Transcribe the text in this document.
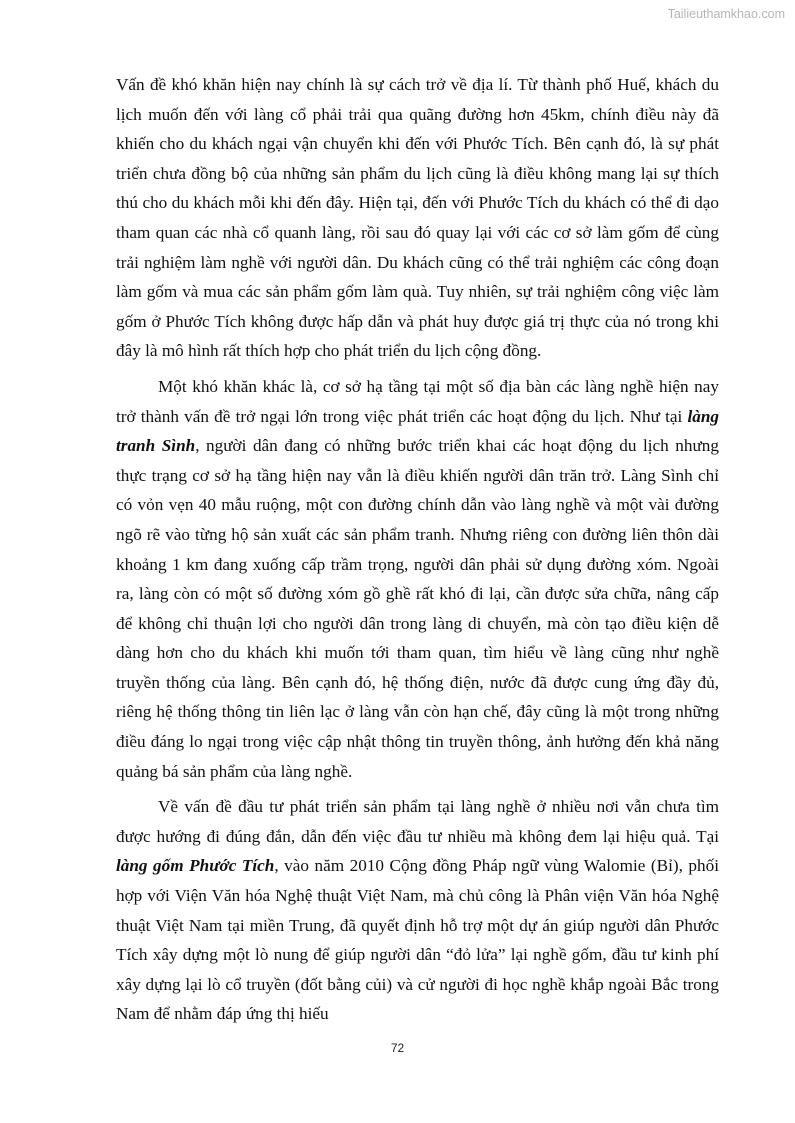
Tailieuthamkhao.com

Vấn đề khó khăn hiện nay chính là sự cách trở về địa lí. Từ thành phố Huế, khách du lịch muốn đến với làng cổ phải trải qua quãng đường hơn 45km, chính điều này đã khiến cho du khách ngại vận chuyển khi đến với Phước Tích. Bên cạnh đó, là sự phát triển chưa đồng bộ của những sản phẩm du lịch cũng là điều không mang lại sự thích thú cho du khách mỗi khi đến đây. Hiện tại, đến với Phước Tích du khách có thể đi dạo tham quan các nhà cổ quanh làng, rồi sau đó quay lại với các cơ sở làm gốm để cùng trải nghiệm làm nghề với người dân. Du khách cũng có thể trải nghiệm các công đoạn làm gốm và mua các sản phẩm gốm làm quà. Tuy nhiên, sự trải nghiệm công việc làm gốm ở Phước Tích không được hấp dẫn và phát huy được giá trị thực của nó trong khi đây là mô hình rất thích hợp cho phát triển du lịch cộng đồng.

Một khó khăn khác là, cơ sở hạ tầng tại một số địa bàn các làng nghề hiện nay trở thành vấn đề trở ngại lớn trong việc phát triển các hoạt động du lịch. Như tại làng tranh Sình, người dân đang có những bước triển khai các hoạt động du lịch nhưng thực trạng cơ sở hạ tầng hiện nay vẫn là điều khiến người dân trăn trở. Làng Sình chỉ có vỏn vẹn 40 mẫu ruộng, một con đường chính dẫn vào làng nghề và một vài đường ngõ rẽ vào từng hộ sản xuất các sản phẩm tranh. Nhưng riêng con đường liên thôn dài khoảng 1 km đang xuống cấp trầm trọng, người dân phải sử dụng đường xóm. Ngoài ra, làng còn có một số đường xóm gồ ghề rất khó đi lại, cần được sửa chữa, nâng cấp để không chỉ thuận lợi cho người dân trong làng di chuyển, mà còn tạo điều kiện dễ dàng hơn cho du khách khi muốn tới tham quan, tìm hiểu về làng cũng như nghề truyền thống của làng. Bên cạnh đó, hệ thống điện, nước đã được cung ứng đầy đủ, riêng hệ thống thông tin liên lạc ở làng vẫn còn hạn chế, đây cũng là một trong những điều đáng lo ngại trong việc cập nhật thông tin truyền thông, ảnh hưởng đến khả năng quảng bá sản phẩm của làng nghề.

Về vấn đề đầu tư phát triển sản phẩm tại làng nghề ở nhiều nơi vẫn chưa tìm được hướng đi đúng đắn, dẫn đến việc đầu tư nhiều mà không đem lại hiệu quả. Tại làng gốm Phước Tích, vào năm 2010 Cộng đồng Pháp ngữ vùng Walomie (Bỉ), phối hợp với Viện Văn hóa Nghệ thuật Việt Nam, mà chủ công là Phân viện Văn hóa Nghệ thuật Việt Nam tại miền Trung, đã quyết định hỗ trợ một dự án giúp người dân Phước Tích xây dựng một lò nung để giúp người dân “đỏ lửa” lại nghề gốm, đầu tư kinh phí xây dựng lại lò cổ truyền (đốt bằng củi) và cử người đi học nghề khắp ngoài Bắc trong Nam để nhằm đáp ứng thị hiếu

72
